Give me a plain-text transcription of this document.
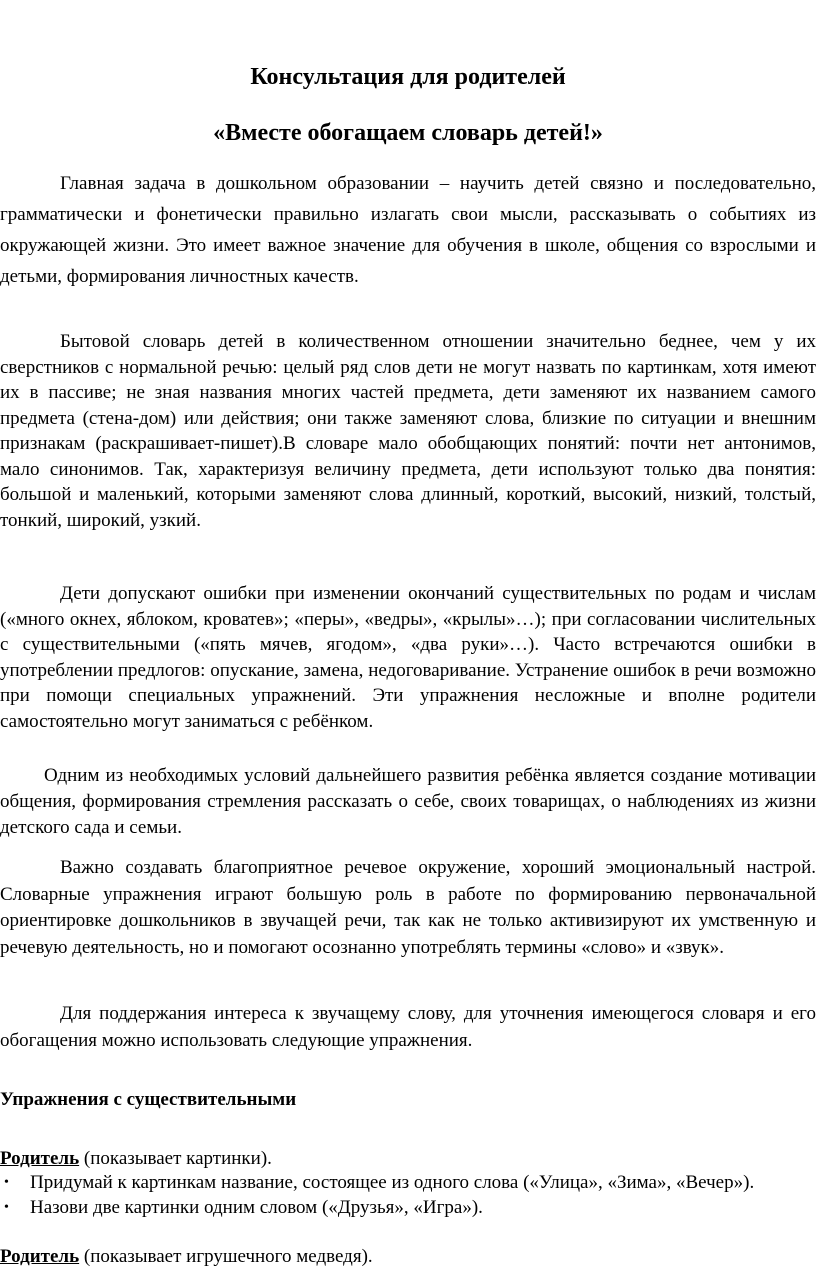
Консультация для родителей
«Вместе обогащаем словарь детей!»

Главная задача в дошкольном образовании – научить детей связно и последовательно, грамматически и фонетически правильно излагать свои мысли, рассказывать о событиях из окружающей жизни. Это имеет важное значение для обучения в школе, общения со взрослыми и детьми, формирования личностных качеств.

Бытовой словарь детей в количественном отношении значительно беднее, чем у их сверстников с нормальной речью: целый ряд слов дети не могут назвать по картинкам, хотя имеют их в пассиве; не зная названия многих частей предмета, дети заменяют их названием самого предмета (стена-дом) или действия; они также заменяют слова, близкие по ситуации и внешним признакам (раскрашивает-пишет).В словаре мало обобщающих понятий: почти нет антонимов, мало синонимов. Так, характеризуя величину предмета, дети используют только два понятия: большой и маленький, которыми заменяют слова длинный, короткий, высокий, низкий, толстый, тонкий, широкий, узкий.

Дети допускают ошибки при изменении окончаний существительных по родам и числам («много окнех, яблоком, кроватев»; «перы», «ведры», «крылы»…); при согласовании числительных с существительными («пять мячев, ягодом», «два руки»…). Часто встречаются ошибки в употреблении предлогов: опускание, замена, недоговаривание. Устранение ошибок в речи возможно при помощи специальных упражнений. Эти упражнения несложные и вполне родители самостоятельно могут заниматься с ребёнком.

Одним из необходимых условий дальнейшего развития ребёнка является создание мотивации общения, формирования стремления рассказать о себе, своих товарищах, о наблюдениях из жизни детского сада и семьи.

Важно создавать благоприятное речевое окружение, хороший эмоциональный настрой. Словарные упражнения играют большую роль в работе по формированию первоначальной ориентировке дошкольников в звучащей речи, так как не только активизируют их умственную и речевую деятельность, но и помогают осознанно употреблять термины «слово» и «звук».

Для поддержания интереса к звучащему слову, для уточнения имеющегося словаря и его обогащения можно использовать следующие упражнения.

Упражнения с существительными

Родитель (показывает картинки).

• Придумай к картинкам название, состоящее из одного слова («Улица», «Зима», «Вечер»).
• Назови две картинки одним словом («Друзья», «Игра»).

Родитель (показывает игрушечного медведя).
